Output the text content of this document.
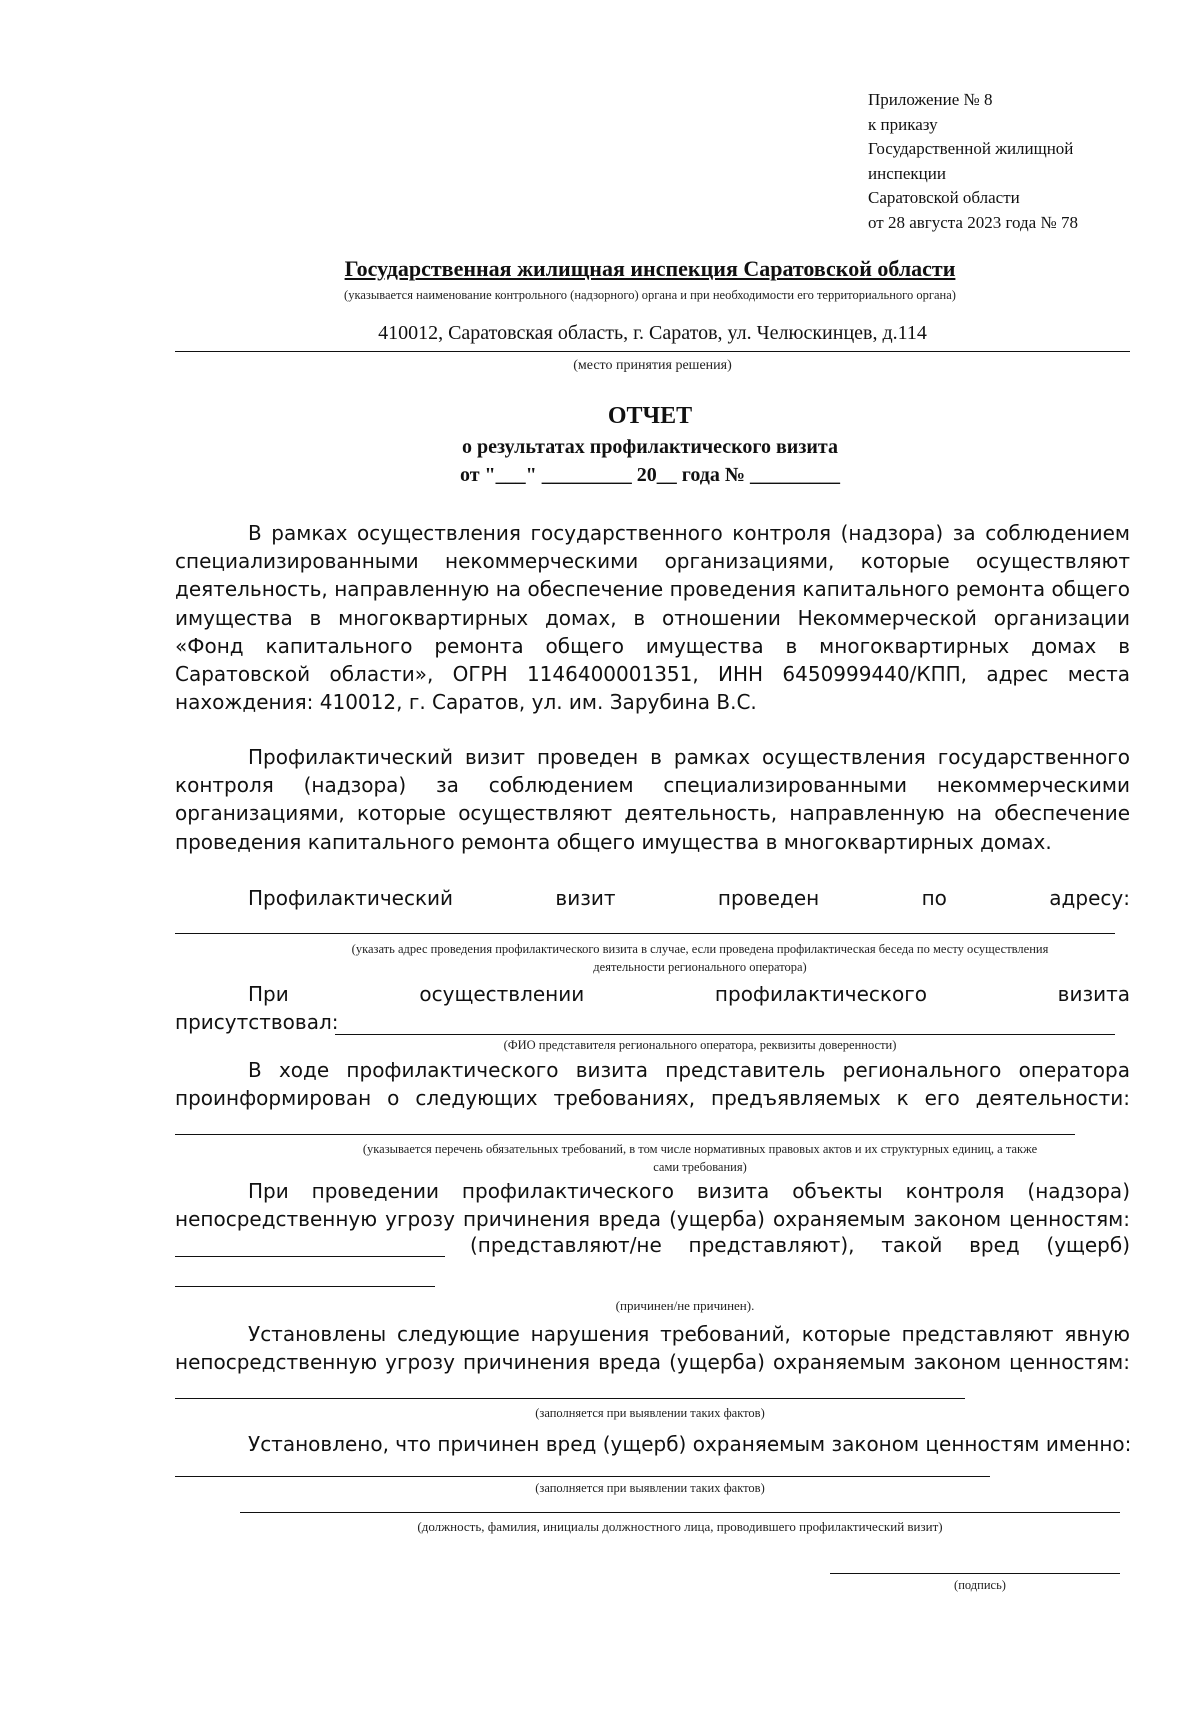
Приложение № 8
к приказу
Государственной жилищной
инспекции
Саратовской области
от 28 августа 2023 года № 78
Государственная жилищная инспекция Саратовской области
(указывается наименование контрольного (надзорного) органа и при необходимости его территориального органа)
410012, Саратовская область, г. Саратов, ул. Челюскинцев, д.114
(место принятия решения)
ОТЧЕТ
о результатах профилактического визита
от "___" _________ 20__ года № _________
В рамках осуществления государственного контроля (надзора) за соблюдением специализированными некоммерческими организациями, которые осуществляют деятельность, направленную на обеспечение проведения капитального ремонта общего имущества в многоквартирных домах, в отношении Некоммерческой организации «Фонд капитального ремонта общего имущества в многоквартирных домах в Саратовской области», ОГРН 1146400001351, ИНН 6450999440/КПП, адрес места нахождения: 410012, г. Саратов, ул. им. Зарубина В.С.
Профилактический визит проведен в рамках осуществления государственного контроля (надзора) за соблюдением специализированными некоммерческими организациями, которые осуществляют деятельность, направленную на обеспечение проведения капитального ремонта общего имущества в многоквартирных домах.
Профилактический	визит	проведен	по	адресу:
(указать адрес проведения профилактического визита в случае, если проведена профилактическая беседа по месту осуществления деятельности регионального оператора)
При	осуществлении	профилактического	визита
присутствовал:
(ФИО представителя регионального оператора, реквизиты доверенности)
В ходе профилактического визита представитель регионального оператора проинформирован о следующих требованиях, предъявляемых к его деятельности:
(указывается перечень обязательных требований, в том числе нормативных правовых актов и их структурных единиц, а также сами требования)
При проведении профилактического визита объекты контроля (надзора) непосредственную угрозу причинения вреда (ущерба) охраняемым законом ценностям:
(представляют/не представляют), такой вред (ущерб)
(причинен/не причинен).
Установлены следующие нарушения требований, которые представляют явную непосредственную угрозу причинения вреда (ущерба) охраняемым законом ценностям:
(заполняется при выявлении таких фактов)
Установлено, что причинен вред (ущерб) охраняемым законом ценностям именно:
(заполняется при выявлении таких фактов)
(должность, фамилия, инициалы должностного лица, проводившего профилактический визит)
(подпись)
